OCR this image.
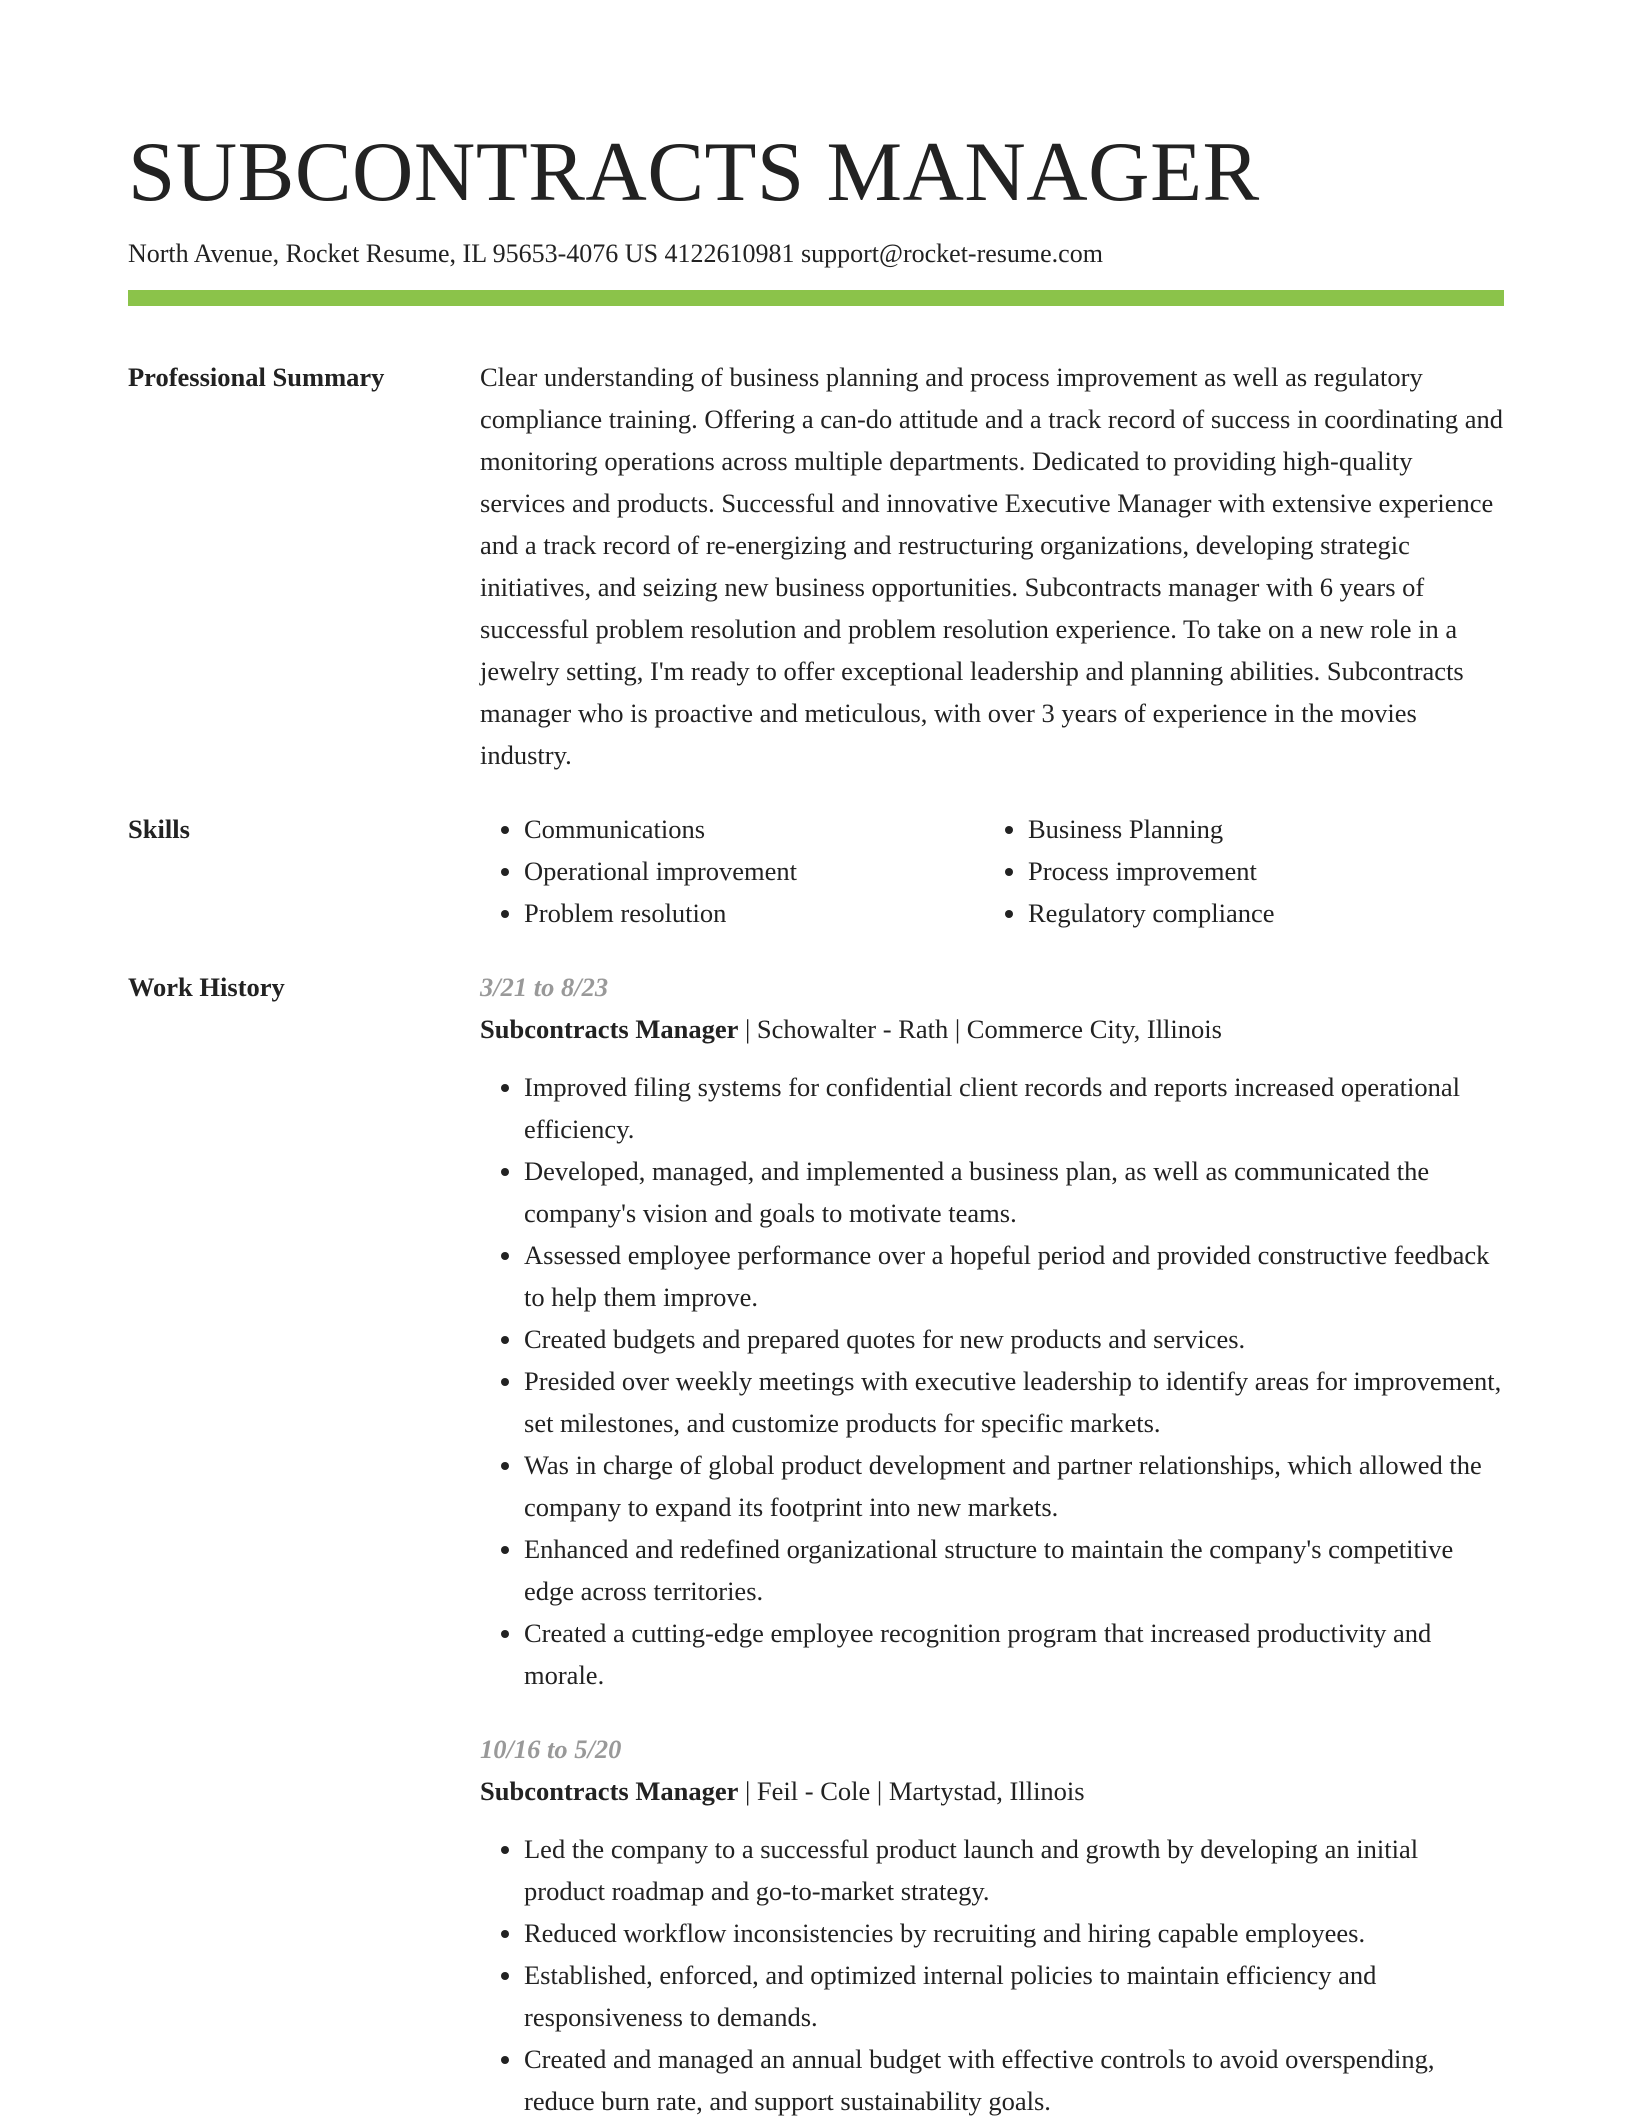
SUBCONTRACTS MANAGER
North Avenue, Rocket Resume, IL 95653-4076 US 4122610981 support@rocket-resume.com
Professional Summary	Clear understanding of business planning and process improvement as well as regulatory compliance training. Offering a can-do attitude and a track record of success in coordinating and monitoring operations across multiple departments. Dedicated to providing high-quality services and products. Successful and innovative Executive Manager with extensive experience and a track record of re-energizing and restructuring organizations, developing strategic initiatives, and seizing new business opportunities. Subcontracts manager with 6 years of successful problem resolution and problem resolution experience. To take on a new role in a jewelry setting, I'm ready to offer exceptional leadership and planning abilities. Subcontracts manager who is proactive and meticulous, with over 3 years of experience in the movies industry.

Skills
•	Communications
• Operational improvement
• Problem resolution
• Business Planning
• Process improvement
• Regulatory compliance
Work History	3/21 to 8/23
Subcontracts Manager | Schowalter - Rath | Commerce City, Illinois
• Improved filing systems for confidential client records and reports increased operational efficiency.
• Developed, managed, and implemented a business plan, as well as communicated the company's vision and goals to motivate teams.
• Assessed employee performance over a hopeful period and provided constructive feedback to help them improve.
• Created budgets and prepared quotes for new products and services.
• Presided over weekly meetings with executive leadership to identify areas for improvement, set milestones, and customize products for specific markets.
• Was in charge of global product development and partner relationships, which allowed the company to expand its footprint into new markets.
• Enhanced and redefined organizational structure to maintain the company's competitive edge across territories.
• Created a cutting-edge employee recognition program that increased productivity and morale.
10/16 to 5/20
Subcontracts Manager | Feil - Cole | Martystad, Illinois
• Led the company to a successful product launch and growth by developing an initial product roadmap and go-to-market strategy.
• Reduced workflow inconsistencies by recruiting and hiring capable employees.
• Established, enforced, and optimized internal policies to maintain efficiency and responsiveness to demands.
• Created and managed an annual budget with effective controls to avoid overspending, reduce burn rate, and support sustainability goals.
